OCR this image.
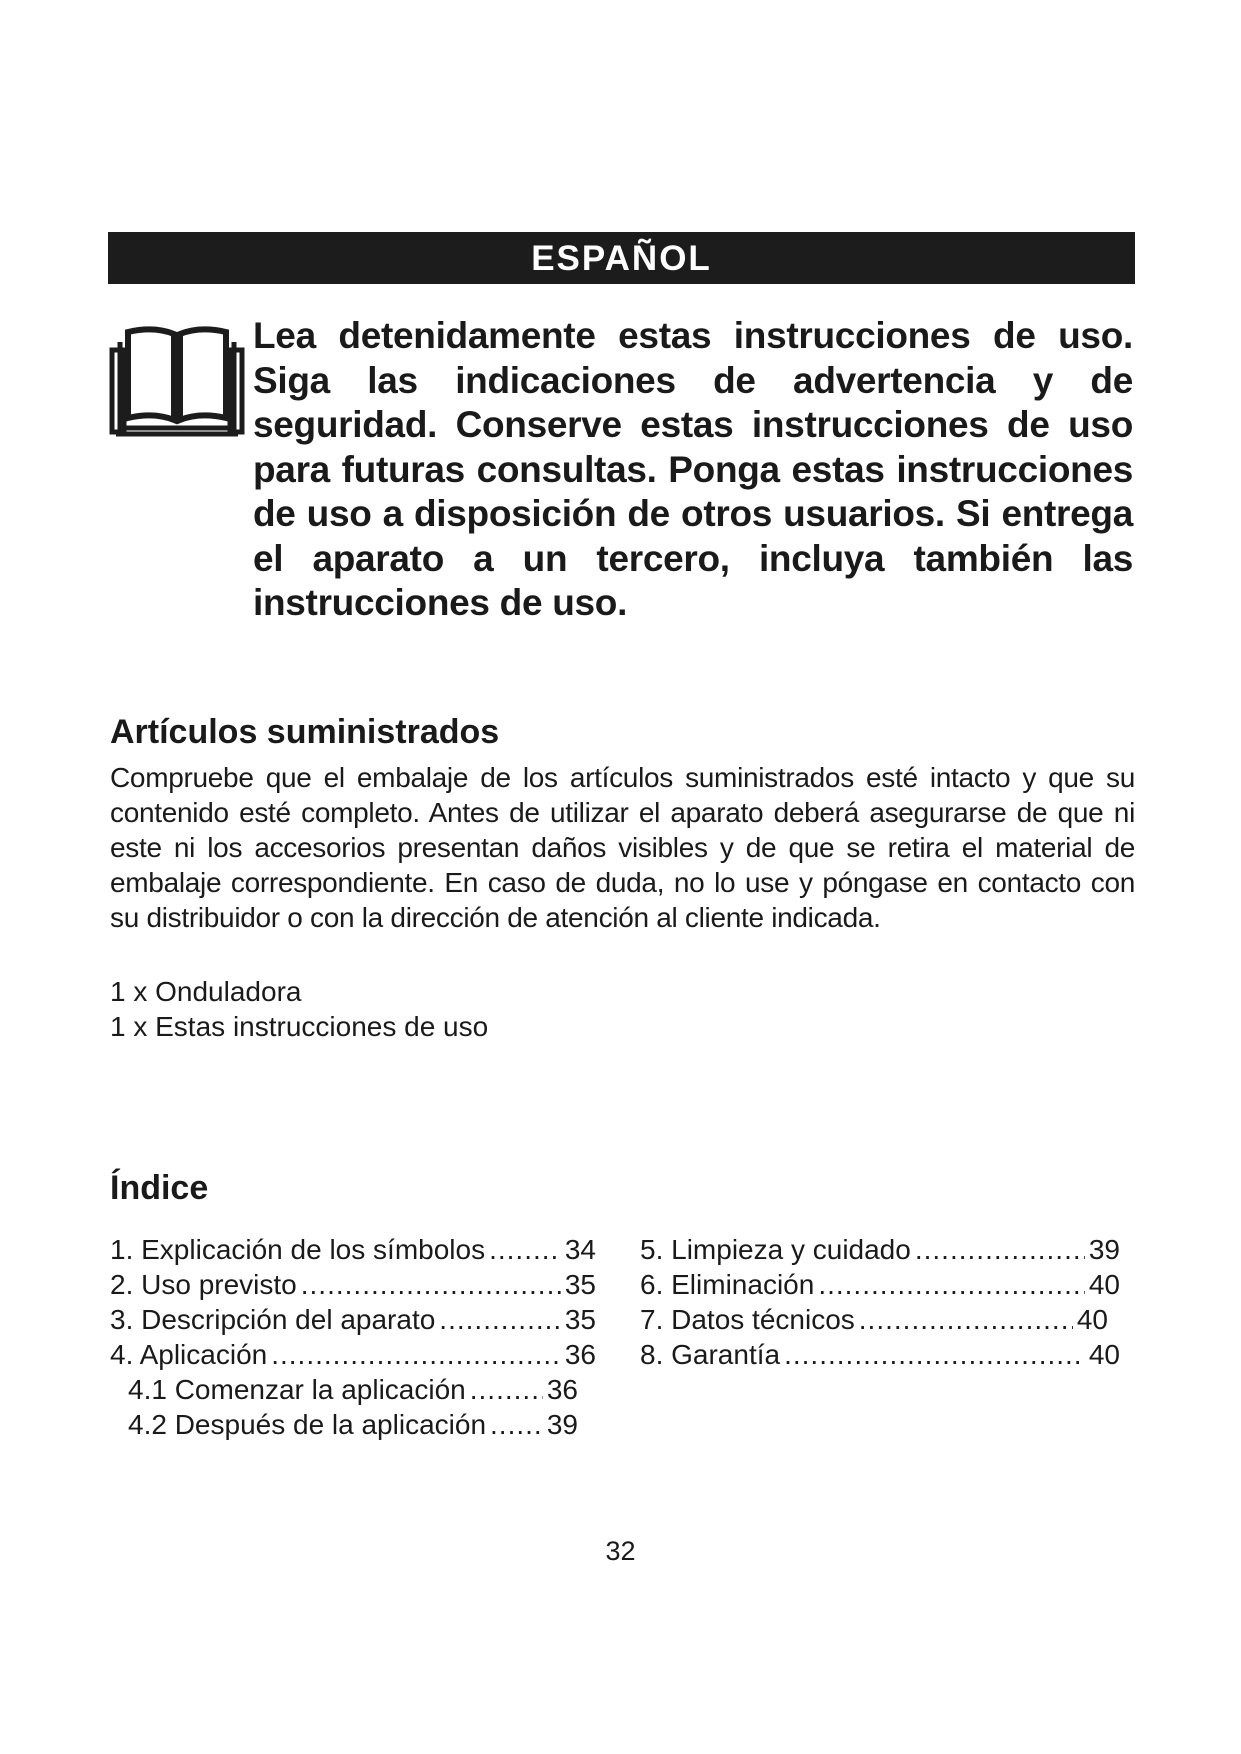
ESPAÑOL
Lea detenidamente estas instrucciones de uso. Siga las indicaciones de advertencia y de seguridad. Conserve estas instrucciones de uso para futuras consultas. Ponga estas instrucciones de uso a disposición de otros usuarios. Si entrega el aparato a un tercero, incluya también las instrucciones de uso.
Artículos suministrados
Compruebe que el embalaje de los artículos suministrados esté intacto y que su contenido esté completo. Antes de utilizar el aparato deberá asegurarse de que ni este ni los accesorios presentan daños visibles y de que se retira el material de embalaje correspondiente. En caso de duda, no lo use y póngase en contacto con su distribuidor o con la dirección de atención al cliente indicada.
1 x Onduladora
1 x Estas instrucciones de uso
Índice
1. Explicación de los símbolos .....	34
2. Uso previsto .....	35
3. Descripción del aparato .....	35
4. Aplicación .....	36
4.1 Comenzar la aplicación .....	36
4.2 Después de la aplicación ..... 39
5. Limpieza y cuidado .....	39
6. Eliminación .....	40
7. Datos técnicos .....	40
8. Garantía .....	40
32
